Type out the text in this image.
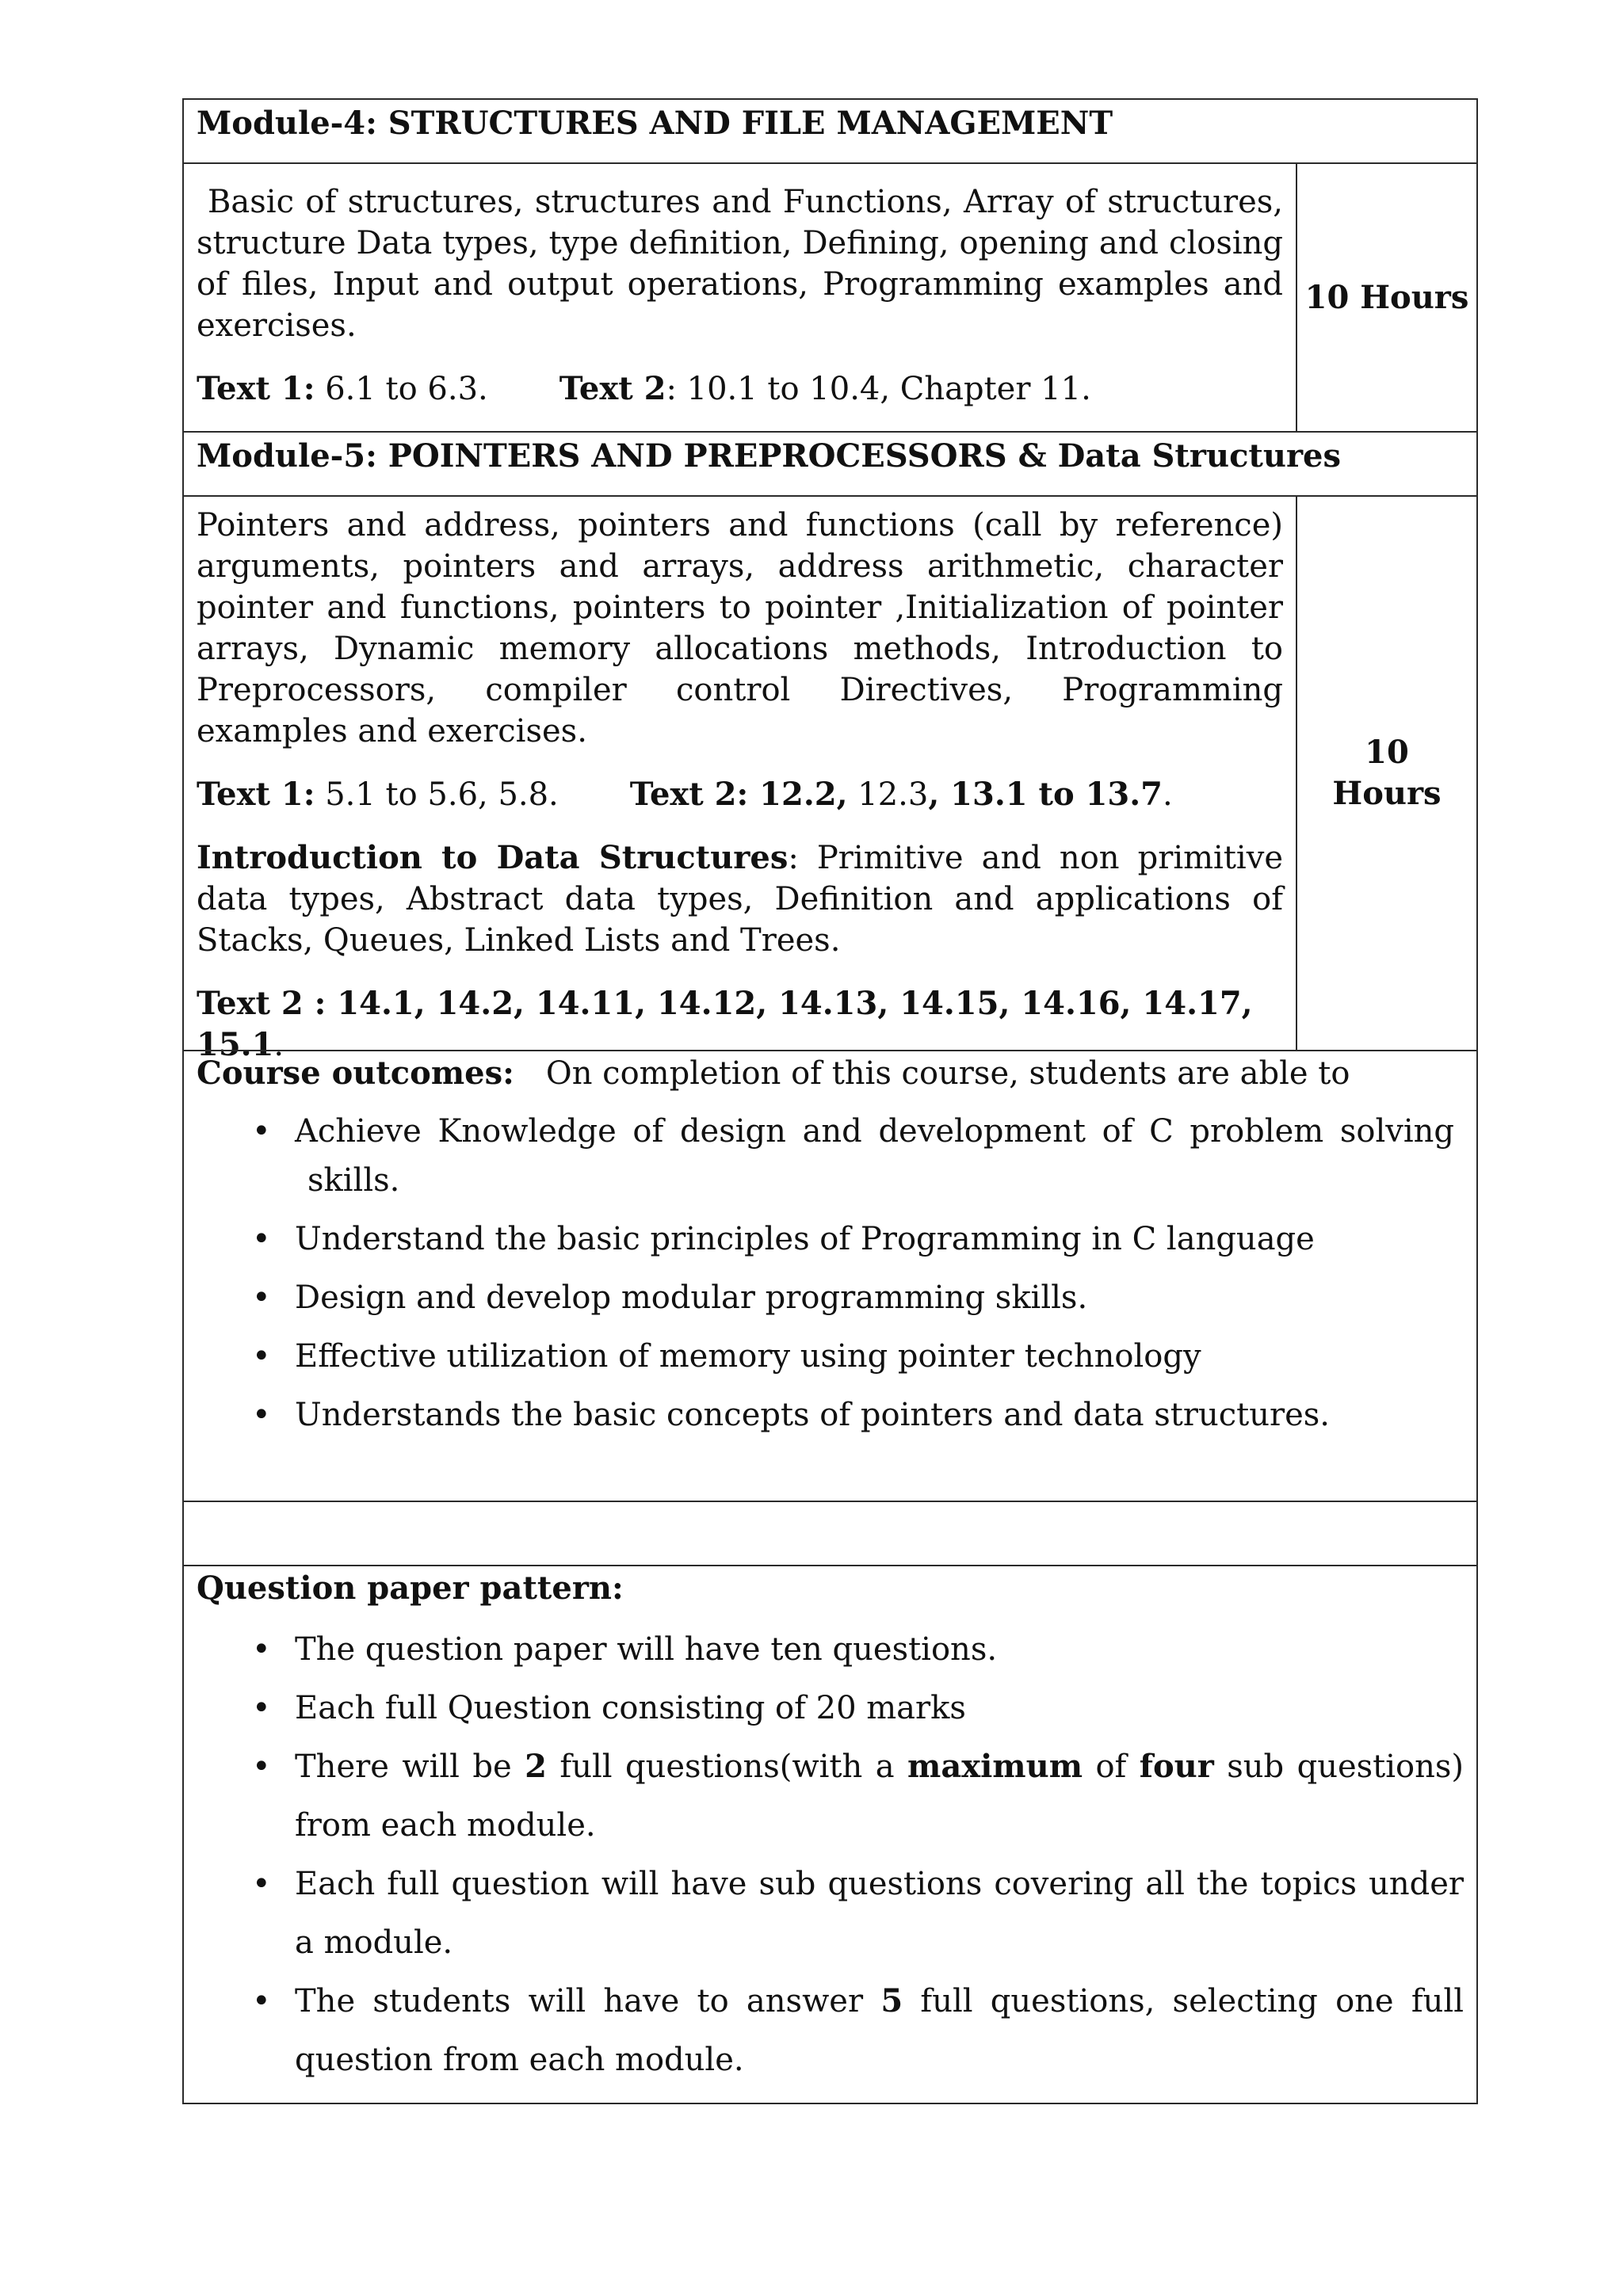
Module-4: STRUCTURES AND FILE MANAGEMENT

Basic of structures, structures and Functions, Array of structures, structure Data types, type definition, Defining, opening and closing of files, Input and output operations, Programming examples and exercises.

Text 1: 6.1 to 6.3. Text 2: 10.1 to 10.4, Chapter 11.

10 Hours
Module-5: POINTERS AND PREPROCESSORS & Data Structures

Pointers and address, pointers and functions (call by reference) arguments, pointers and arrays, address arithmetic, character pointer and functions, pointers to pointer ,Initialization of pointer arrays, Dynamic memory allocations methods, Introduction to Preprocessors, compiler control Directives, Programming examples and exercises.

Text 1: 5.1 to 5.6, 5.8. Text 2: 12.2, 12.3, 13.1 to 13.7.

Introduction to Data Structures: Primitive and non primitive data types, Abstract data types, Definition and applications of Stacks, Queues, Linked Lists and Trees.

Text 2 : 14.1, 14.2, 14.11, 14.12, 14.13, 14.15, 14.16, 14.17, 15.1.

10
Hours
Course outcomes: On completion of this course, students are able to
• Achieve Knowledge of design and development of C problem solving
skills.
• Understand the basic principles of Programming in C language
• Design and develop modular programming skills.
• Effective utilization of memory using pointer technology
• Understands the basic concepts of pointers and data structures.
Question paper pattern:
• The question paper will have ten questions.
• Each full Question consisting of 20 marks
• There will be 2 full questions(with a maximum of four sub questions) from each module.
• Each full question will have sub questions covering all the topics under a module.
• The students will have to answer 5 full questions, selecting one full question from each module.
